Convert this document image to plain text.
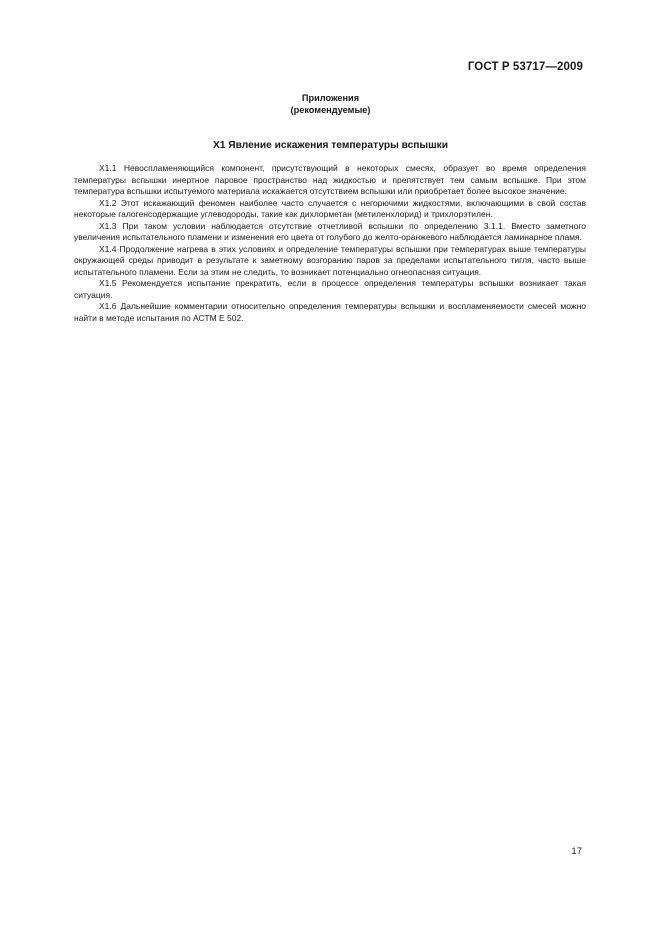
ГОСТ Р 53717—2009
Приложения
(рекомендуемые)
X1 Явление искажения температуры вспышки

X1.1 Невоспламеняющийся компонент, присутствующий в некоторых смесях, образует во время определения температуры вспышки инертное паровое пространство над жидкостью и препятствует тем самым вспышке. При этом температура вспышки испытуемого материала искажается отсутствием вспышки или приобретает более высокое значение.

X1.2 Этот искажающий феномен наиболее часто случается с негорючими жидкостями, включающими в свой состав некоторые галогенсодержащие углеводороды, такие как дихлорметан (метиленхлорид) и трихлорэтилен.

X1.3 При таком условии наблюдается отсутствие отчетливой вспышки по определению 3.1.1. Вместо заметного увеличения испытательного пламени и изменения его цвета от голубого до желто-оранжевого наблюдается ламинарное пламя.

X1.4 Продолжение нагрева в этих условиях и определение температуры вспышки при температурах выше температуры окружающей среды приводит в результате к заметному возгоранию паров за пределами испытательного тигля, часто выше испытательного пламени. Если за этим не следить, то возникает потенциально огнеопасная ситуация.

X1.5 Рекомендуется испытание прекратить, если в процессе определения температуры вспышки возникает такая ситуация.

X1.6 Дальнейшие комментарии относительно определения температуры вспышки и воспламеняемости смесей можно найти в методе испытания по АСТМ Е 502.

17
